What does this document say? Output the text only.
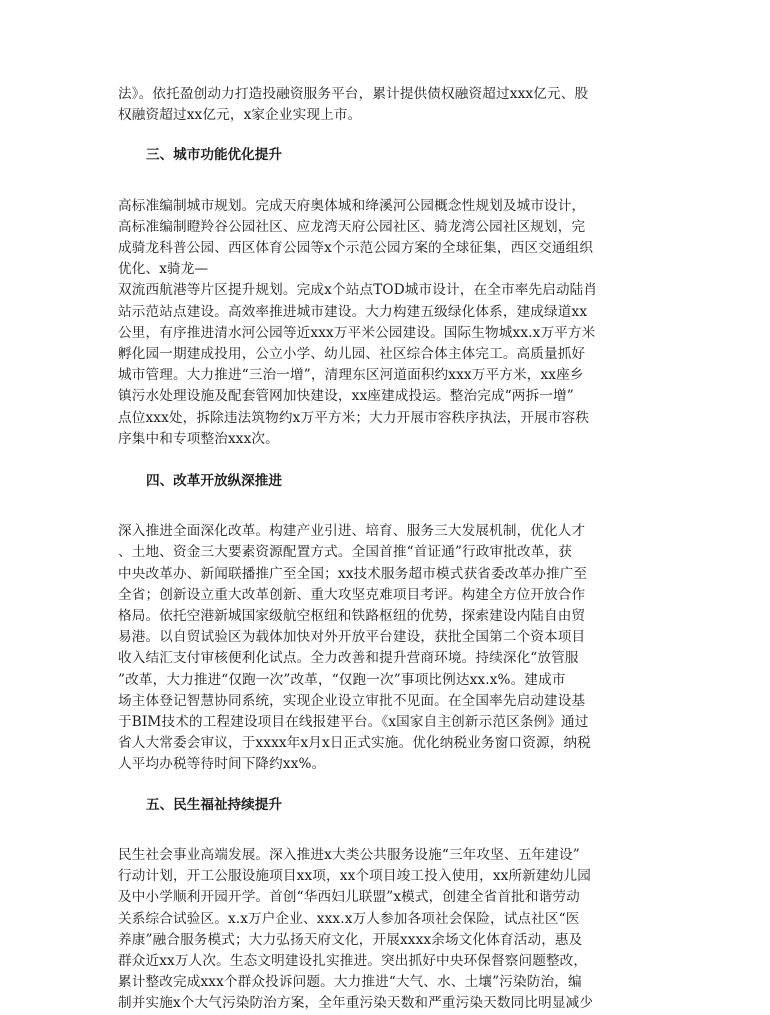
法》。依托盈创动力打造投融资服务平台，累计提供债权融资超过xxx亿元、股
权融资超过xx亿元，x家企业实现上市。
三、城市功能优化提升
高标准编制城市规划。完成天府奥体城和绛溪河公园概念性规划及城市设计，
高标准编制瞪羚谷公园社区、应龙湾天府公园社区、骑龙湾公园社区规划，完
成骑龙科普公园、西区体育公园等x个示范公园方案的全球征集，西区交通组织
优化、x骑龙—
双流西航港等片区提升规划。完成x个站点TOD城市设计，在全市率先启动陆肖
站示范站点建设。高效率推进城市建设。大力构建五级绿化体系，建成绿道xx
公里，有序推进清水河公园等近xxx万平米公园建设。国际生物城xx.x万平方米
孵化园一期建成投用，公立小学、幼儿园、社区综合体主体完工。高质量抓好
城市管理。大力推进“三治一增”，清理东区河道面积约xxx万平方米，xx座乡
镇污水处理设施及配套管网加快建设，xx座建成投运。整治完成“两拆一增”
点位xxx处，拆除违法筑物约x万平方米；大力开展市容秩序执法，开展市容秩
序集中和专项整治xxx次。
四、改革开放纵深推进
深入推进全面深化改革。构建产业引进、培育、服务三大发展机制，优化人才
、土地、资金三大要素资源配置方式。全国首推“首证通”行政审批改革，获
中央改革办、新闻联播推广至全国；xx技术服务超市模式获省委改革办推广至
全省；创新设立重大改革创新、重大攻坚克难项目考评。构建全方位开放合作
格局。依托空港新城国家级航空枢纽和铁路枢纽的优势，探索建设内陆自由贸
易港。以自贸试验区为载体加快对外开放平台建设，获批全国第二个资本项目
收入结汇支付审核便利化试点。全力改善和提升营商环境。持续深化“放管服
”改革，大力推进“仅跑一次”改革，“仅跑一次”事项比例达xx.x%。建成市
场主体登记智慧协同系统，实现企业设立审批不见面。在全国率先启动建设基
于BIM技术的工程建设项目在线报建平台。《x国家自主创新示范区条例》通过
省人大常委会审议，于xxxx年x月x日正式实施。优化纳税业务窗口资源，纳税
人平均办税等待时间下降约xx%。
五、民生福祉持续提升
民生社会事业高端发展。深入推进x大类公共服务设施“三年攻坚、五年建设”
行动计划，开工公服设施项目xx项，xx个项目竣工投入使用，xx所新建幼儿园
及中小学顺利开园开学。首创“华西妇儿联盟”x模式，创建全省首批和谐劳动
关系综合试验区。x.x万户企业、xxx.x万人参加各项社会保险，试点社区“医
养康”融合服务模式；大力弘扬天府文化，开展xxxx余场文化体育活动，惠及
群众近xx万人次。生态文明建设扎实推进。突出抓好中央环保督察问题整改，
累计整改完成xxx个群众投诉问题。大力推进“大气、水、土壤”污染防治，编
制并实施x个大气污染防治方案，全年重污染天数和严重污染天数同比明显减少
